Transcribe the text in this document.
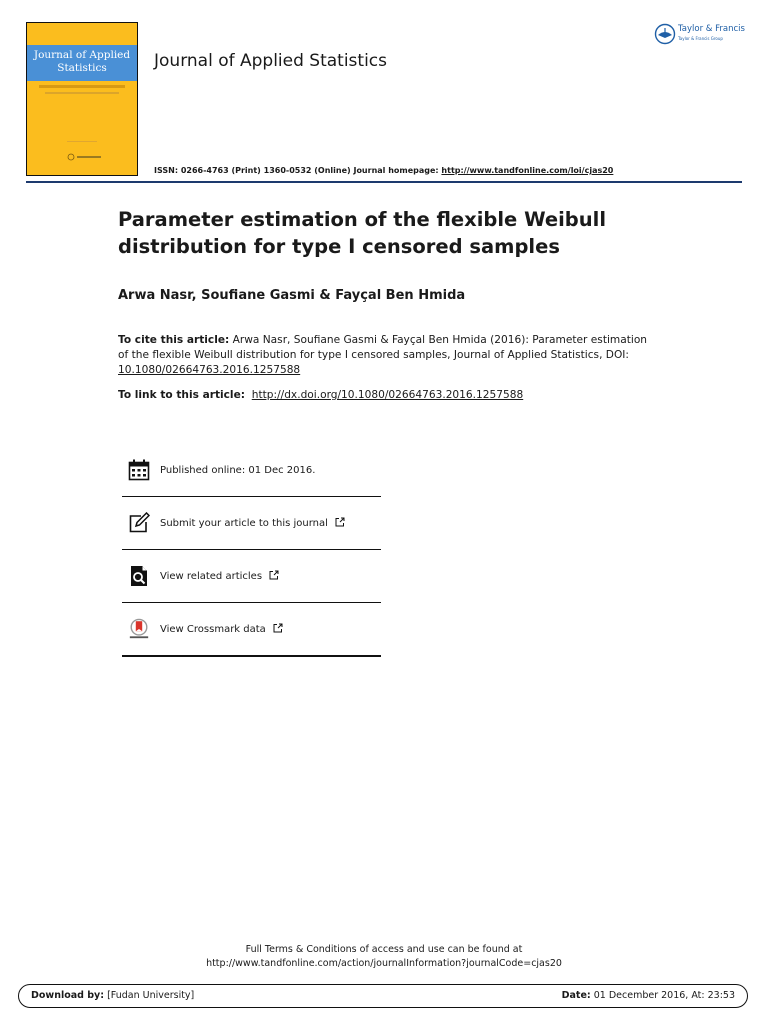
Journal of Applied Statistics	Journal of Applied Statistics
Taylor & Francis
Taylor & Francis Group
ISSN: 0266-4763 (Print) 1360-0532 (Online) Journal homepage: http://www.tandfonline.com/loi/cjas20
Parameter estimation of the flexible Weibull distribution for type I censored samples
Arwa Nasr, Soufiane Gasmi & Fayçal Ben Hmida
To cite this article: Arwa Nasr, Soufiane Gasmi & Fayçal Ben Hmida (2016): Parameter estimation of the flexible Weibull distribution for type I censored samples, Journal of Applied Statistics, DOI: 10.1080/02664763.2016.1257588
To link to this article: http://dx.doi.org/10.1080/02664763.2016.1257588
Published online: 01 Dec 2016.
Submit your article to this journal
View related articles
View Crossmark data
Full Terms & Conditions of access and use can be found at
http://www.tandfonline.com/action/journalInformation?journalCode=cjas20
Download by: [Fudan University]	Date: 01 December 2016, At: 23:53
